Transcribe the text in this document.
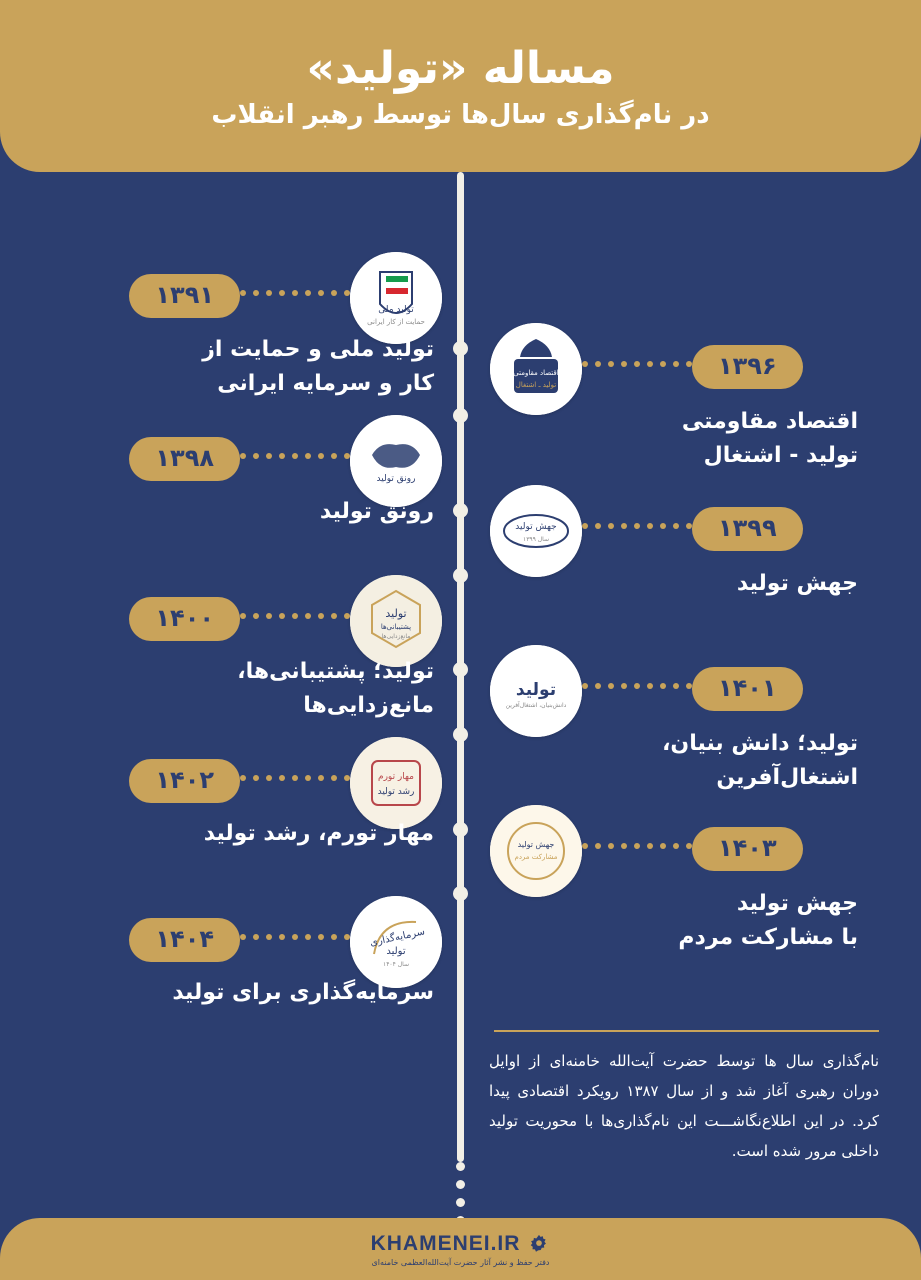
مساله «تولید»
در نام‌گذاری سال‌ها توسط رهبر انقلاب
تولید ملی
حمایت از کار ایرانی
۱۳۹۱
تولید ملی و حمایت از
کار و سرمایه ایرانی
رونق تولید
۱۳۹۸
رونق تولید
تولید
پشتیبانی‌ها
مانع‌زدایی‌ها
۱۴۰۰
تولید؛ پشتیبانی‌ها،
مانع‌زدایی‌ها
مهار تورم
رشد تولید
۱۴۰۲
مهار تورم، رشد تولید
سرمایه‌گذاری
تولید
سال ۱۴۰۴
۱۴۰۴
سرمایه‌گذاری برای تولید
اقتصاد مقاومتی
تولید ـ اشتغال
۱۳۹۶
اقتصاد مقاومتی
تولید - اشتغال
جهش تولید
سال ۱۳۹۹	۱۳۹۹
جهش تولید
تولید
دانش‌بنیان، اشتغال‌آفرین
۱۴۰۱
تولید؛ دانش بنیان،
اشتغال‌آفرین
جهش تولید
مشارکت مردم	۱۴۰۳
جهش تولید
با مشارکت مردم
نام‌گذاری سال ها توسط حضرت آیت‌الله خامنه‌ای از اوایل دوران رهبری آغاز شد و از سال ۱۳۸۷ رویکرد اقتصادی پیدا کرد. در این اطلاع‌نگاشـــت این نام‌گذاری‌ها با محوریت تولید داخلی مرور شده است.
KHAMENEI.IR
دفتر حفظ و نشر آثار حضرت آیت‌الله‌العظمی خامنه‌ای
